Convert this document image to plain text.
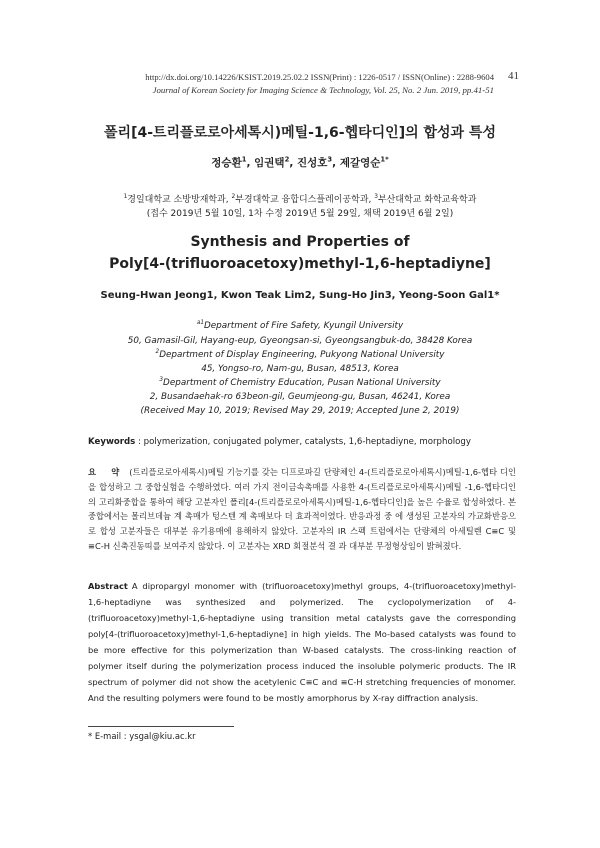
http://dx.doi.org/10.14226/KSIST.2019.25.02.2 ISSN(Print) : 1226-0517 / ISSN(Online) : 2288-9604 41
Journal of Korean Society for Imaging Science & Technology, Vol. 25, No. 2 Jun. 2019, pp.41-51
폴리[4-트리플로로아세톡시)메틸-1,6-헵타디인]의 합성과 특성
정승환$^1$, 임권택$^2$, 진성호$^3$, 제갈영순$^{1*}$
$^1$경일대학교 소방방재학과, $^2$부경대학교 융합디스플레이공학과, $^3$부산대학교 화학교육학과
(접수 2019년 5월 10일, 1차 수정 2019년 5월 29일, 채택 2019년 6월 2일)
Synthesis and Properties of
Poly[4-(trifluoroacetoxy)methyl-1,6-heptadiyne]
Seung-Hwan Jeong1, Kwon Teak Lim2, Sung-Ho Jin3, Yeong-Soon Gal1*
$^{a1}$Department of Fire Safety, Kyungil University
50, Gamasil-Gil, Hayang-eup, Gyeongsan-si, Gyeongsangbuk-do, 38428 Korea
$^2$Department of Display Engineering, Pukyong National University
45, Yongso-ro, Nam-gu, Busan, 48513, Korea
$^3$Department of Chemistry Education, Pusan National University
2, Busandaehak-ro 63beon-gil, Geumjeong-gu, Busan, 46241, Korea
(Received May 10, 2019; Revised May 29, 2019; Accepted June 2, 2019)
Keywords : polymerization, conjugated polymer, catalysts, 1,6-heptadiyne, morphology
요 약 (트리플로로아세톡시)메틸 기능기를 갖는 디프로파길 단량체인 4-(트리플로로아세톡시)메틸-1,6-헵타 디인을 합성하고 그 중합실험을 수행하였다. 여러 가지 전이금속촉매를 사용한 4-(트리플로로아세톡시)메틸 -1,6-헵타디인의 고리화중합을 통하여 해당 고분자인 폴리[4-(트리플로로아세톡시)메틸-1,6-헵타디인]을 높은 수율로 합성하였다. 본 중합에서는 몰리브데늄 계 촉매가 텅스텐 계 촉매보다 더 효과적이였다. 반응과정 중 에 생성된 고분자의 가교화반응으로 합성 고분자들은 대부분 유기용매에 용해하지 않았다. 고분자의 IR 스펙 트럼에서는 단량체의 아세틸렌 C≡C 및 ≡C-H 신축진동띠를 보여주지 않았다. 이 고분자는 XRD 회절분석 결 과 대부분 무정형상임이 밝혀졌다.
Abstract A dipropargyl monomer with (trifluoroacetoxy)methyl groups, 4-(trifluoroacetoxy)methyl-1,6-heptadiyne was synthesized and polymerized. The cyclopolymerization of 4-(trifluoroacetoxy)methyl-1,6-heptadiyne using transition metal catalysts gave the corresponding poly[4-(trifluoroacetoxy)methyl-1,6-heptadiyne] in high yields. The Mo-based catalysts was found to be more effective for this polymerization than W-based catalysts. The cross-linking reaction of polymer itself during the polymerization process induced the insoluble polymeric products. The IR spectrum of polymer did not show the acetylenic C≡C and ≡C-H stretching frequencies of monomer. And the resulting polymers were found to be mostly amorphorus by X-ray diffraction analysis.
* E-mail : ysgal@kiu.ac.kr
